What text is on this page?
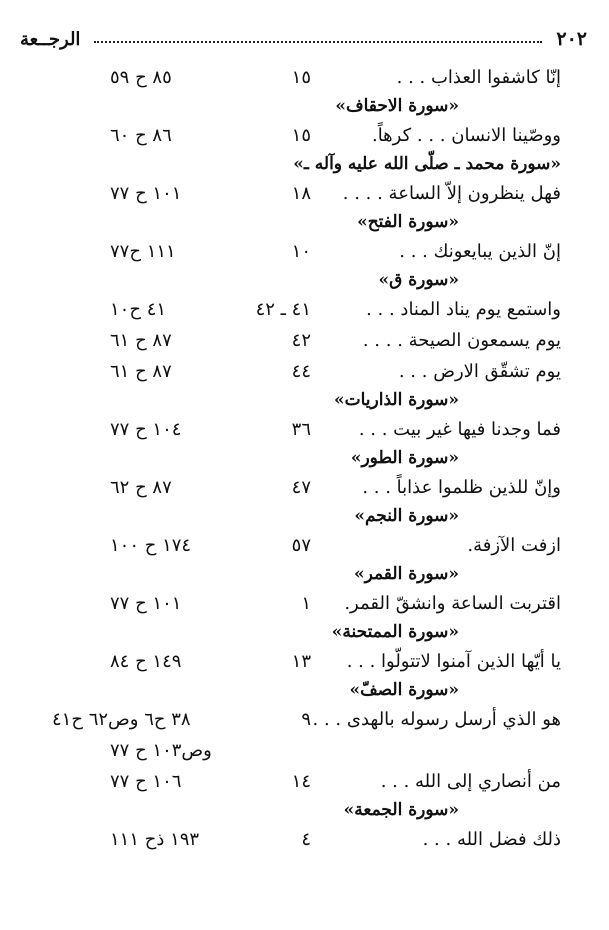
٢٠٢
الرجــعة
إنّا كاشفوا العذاب . . .
١٥
٨٥ ح ٥٩
«سورة الاحقاف»
ووصّينا الانسان . . . كرهاً.
١٥
٨٦ ح ٦٠
«سورة محمد ـ صلّى الله عليه وآله ـ»
فهل ينظرون إلاّ الساعة . . . .
١٨
١٠١ ح ٧٧
«سورة الفتح»
إنّ الذين يبايعونك . . .
١٠
١١١ ح٧٧
«سورة ق»
واستمع يوم يناد المناد . . .
٤١ ـ ٤٢
٤١ ح١٠
يوم يسمعون الصيحة . . . .
٤٢
٨٧ ح ٦١
يوم تشقّق الارض . . .
٤٤
٨٧ ح ٦١
«سورة الذاريات»
فما وجدنا فيها غير بيت . . .
٣٦
١٠٤ ح ٧٧
«سورة الطور»
وإنّ للذين ظلموا عذاباً . . .
٤٧
٨٧ ح ٦٢
«سورة النجم»
ازفت الآزفة.
٥٧
١٧٤ ح ١٠٠
«سورة القمر»
اقتربت الساعة وانشقّ القمر.
١
١٠١ ح ٧٧
«سورة الممتحنة»
يا أيّها الذين آمنوا لاتتولّوا . . .
١٣
١٤٩ ح ٨٤
«سورة الصفّ»
هو الذي أرسل رسوله بالهدى . . .
٩
٣٨ ح٦ وص٦٢ ح٤١
وص١٠٣ ح ٧٧
من أنصاري إلى الله . . .
١٤
١٠٦ ح ٧٧
«سورة الجمعة»
ذلك فضل الله . . .
٤
١٩٣ ذح ١١١
